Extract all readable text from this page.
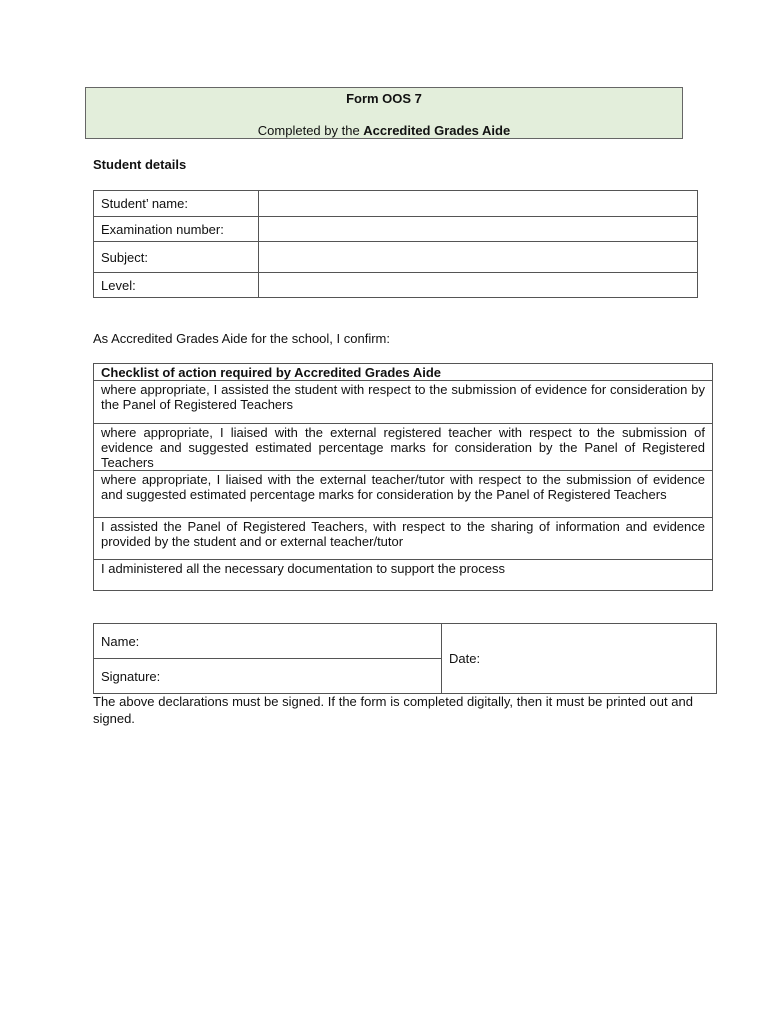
Form OOS 7
Completed by the Accredited Grades Aide
Student details
Student’ name:	
Examination number:	
Subject:	
Level:	
As Accredited Grades Aide for the school, I confirm:
Checklist of action required by Accredited Grades Aide
where appropriate, I assisted the student with respect to the submission of evidence for consideration by the Panel of Registered Teachers
where appropriate, I liaised with the external registered teacher with respect to the submission of evidence and suggested estimated percentage marks for consideration by the Panel of Registered Teachers
where appropriate, I liaised with the external teacher/tutor with respect to the submission of evidence and suggested estimated percentage marks for consideration by the Panel of Registered Teachers
I assisted the Panel of Registered Teachers, with respect to the sharing of information and evidence provided by the student and or external teacher/tutor
I administered all the necessary documentation to support the process
Name:	Date:
Signature:
The above declarations must be signed. If the form is completed digitally, then it must be printed out and signed.
